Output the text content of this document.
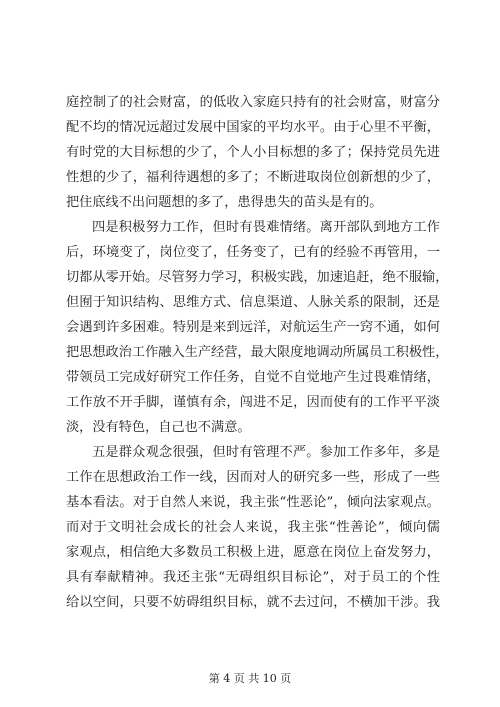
庭控制了的社会财富，的低收入家庭只持有的社会财富，财富分
配不均的情况远超过发展中国家的平均水平。由于心里不平衡，
有时党的大目标想的少了，个人小目标想的多了；保持党员先进
性想的少了，福利待遇想的多了；不断进取岗位创新想的少了，
把住底线不出问题想的多了，患得患失的苗头是有的。
四是积极努力工作，但时有畏难情绪。离开部队到地方工作
后，环境变了，岗位变了，任务变了，已有的经验不再管用，一
切都从零开始。尽管努力学习，积极实践，加速追赶，绝不服输，
但囿于知识结构、思维方式、信息渠道、人脉关系的限制，还是
会遇到许多困难。特别是来到远洋，对航运生产一窍不通，如何
把思想政治工作融入生产经营，最大限度地调动所属员工积极性，
带领员工完成好研究工作任务，自觉不自觉地产生过畏难情绪，
工作放不开手脚，谨慎有余，闯进不足，因而使有的工作平平淡
淡，没有特色，自己也不满意。
五是群众观念很强，但时有管理不严。参加工作多年，多是
工作在思想政治工作一线，因而对人的研究多一些，形成了一些
基本看法。对于自然人来说，我主张“性恶论”，倾向法家观点。
而对于文明社会成长的社会人来说，我主张“性善论”，倾向儒
家观点，相信绝大多数员工积极上进，愿意在岗位上奋发努力，
具有奉献精神。我还主张“无碍组织目标论”，对于员工的个性
给以空间，只要不妨碍组织目标，就不去过问，不横加干涉。我
第 4 页 共 10 页
